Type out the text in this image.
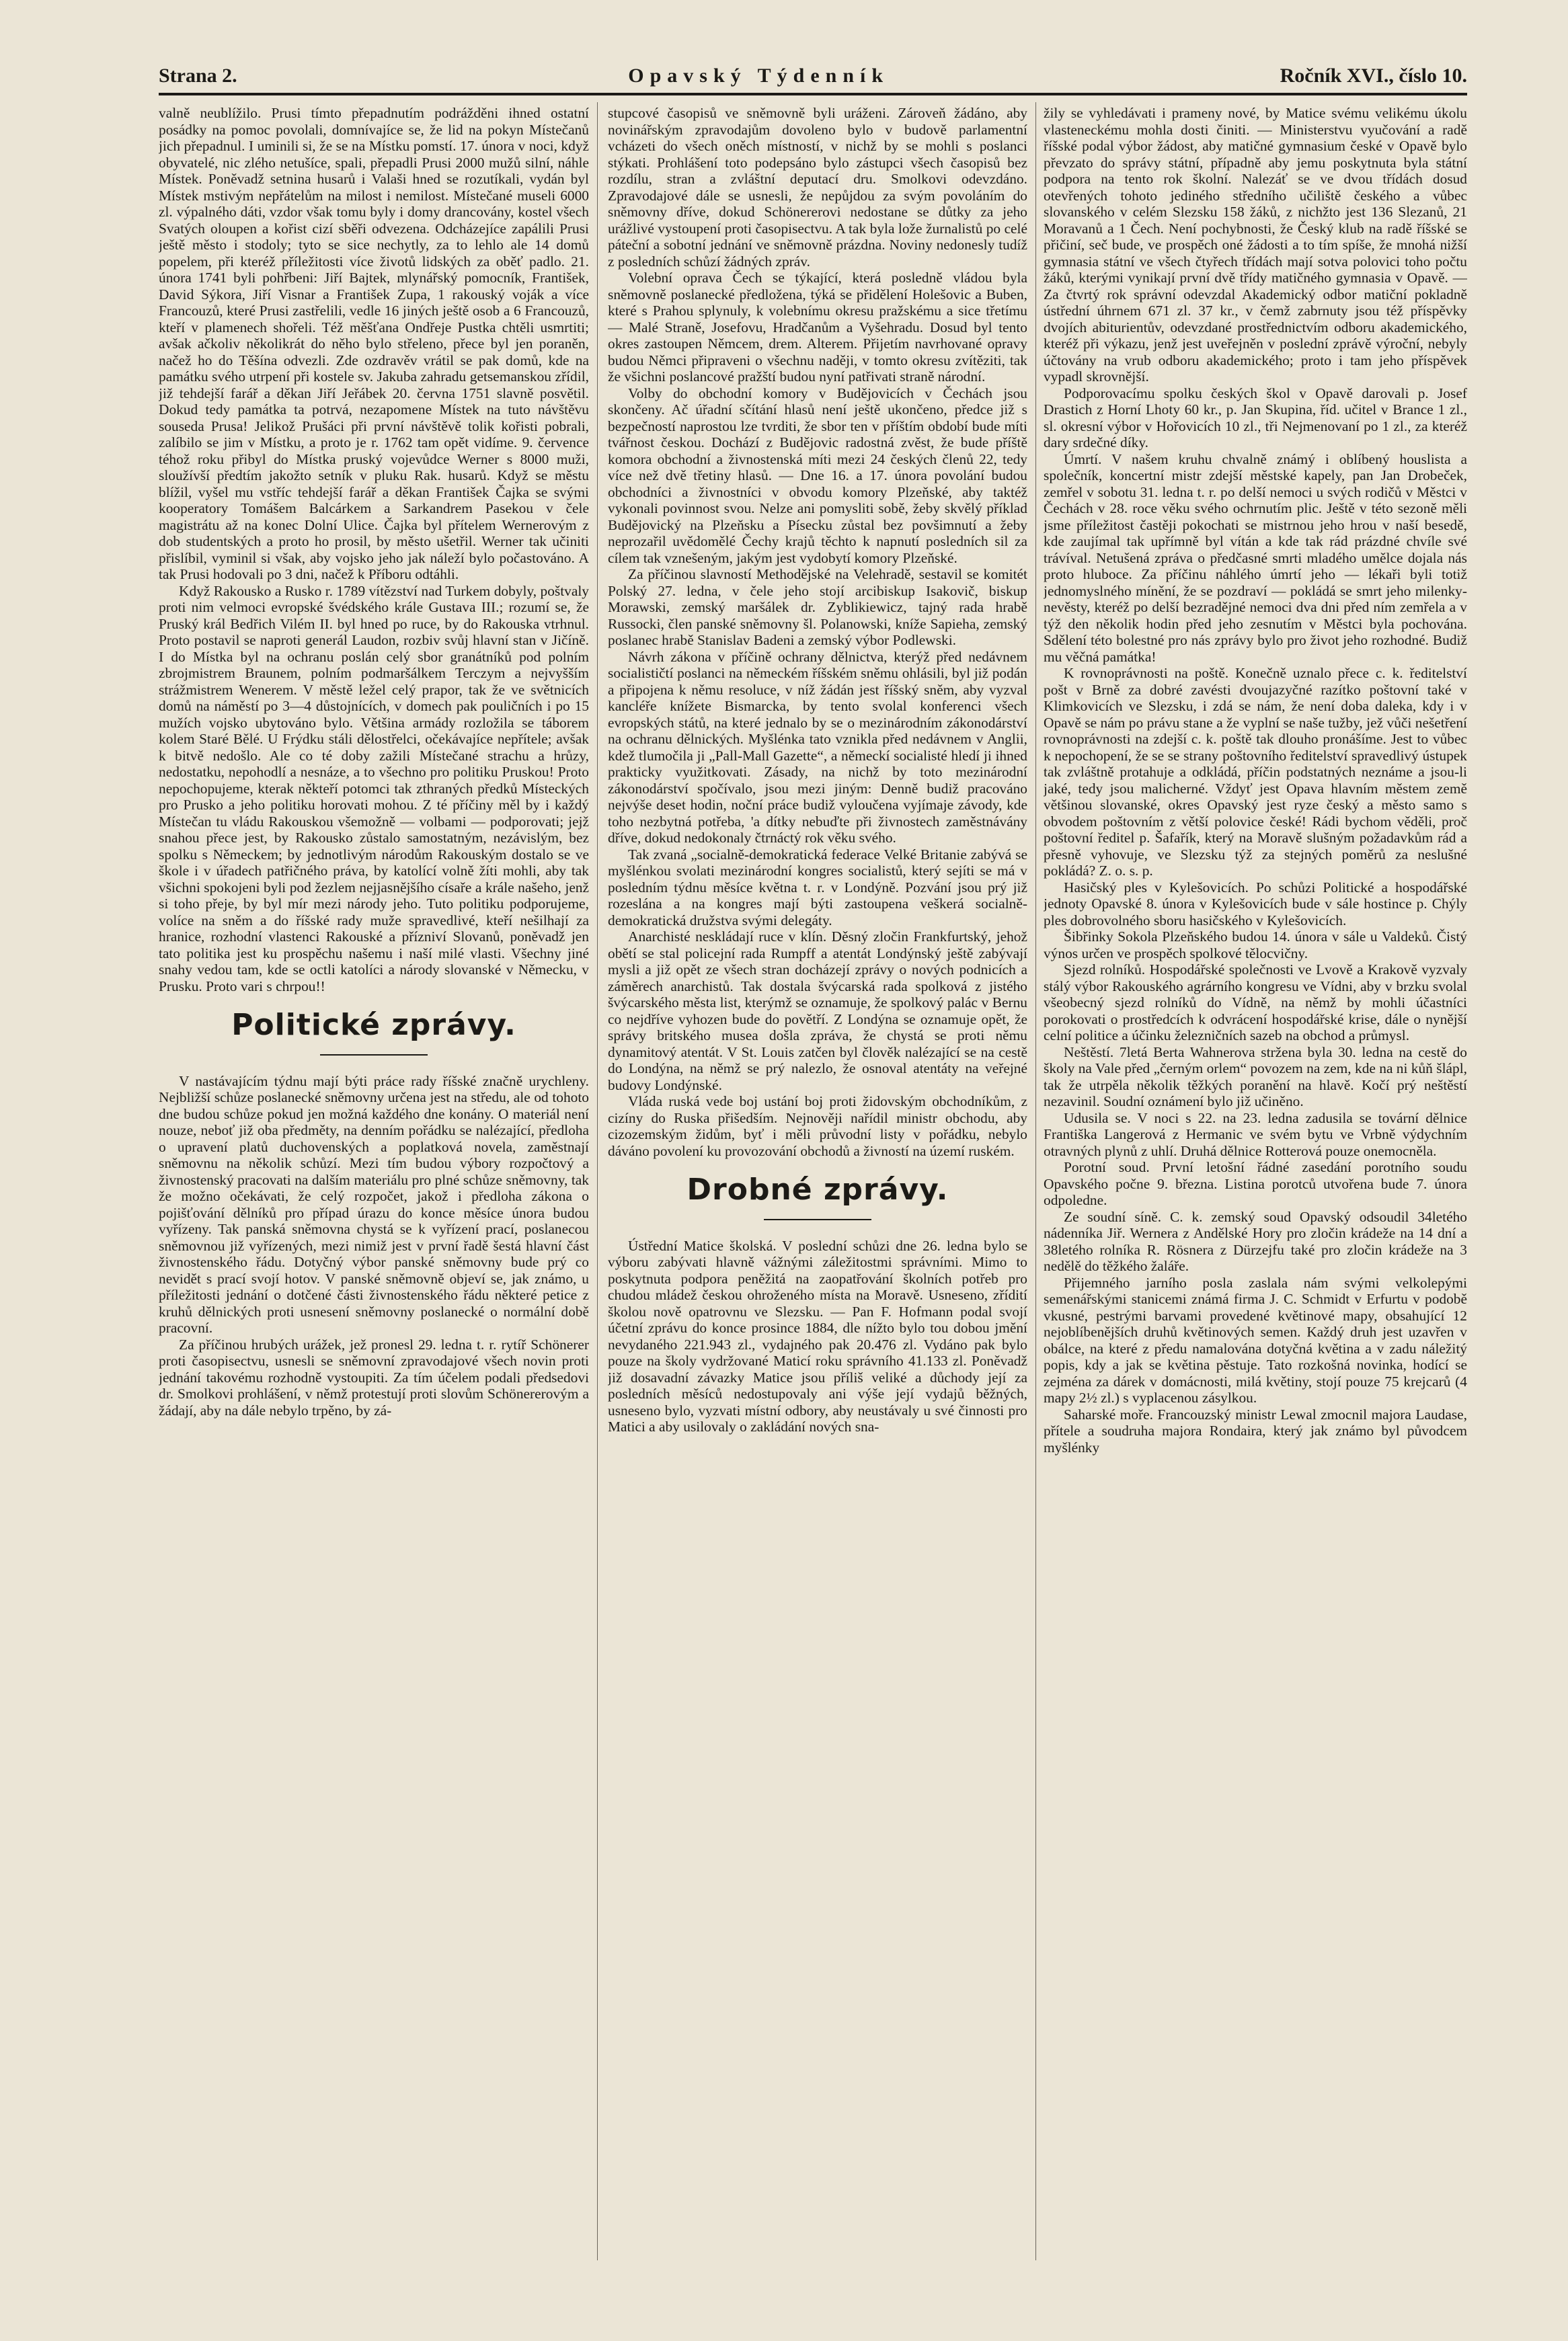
Strana 2.	Opavský Týdenník	Ročník XVI., číslo 10.

valně neublížilo. Prusi tímto přepadnutím podrážděni ihned ostatní posádky na pomoc povolali, domnívajíce se, že lid na pokyn Místečanů jich přepadnul. I uminili si, že se na Místku pomstí. 17. února v noci, když obyvatelé, nic zlého netušíce, spali, přepadli Prusi 2000 mužů silní, náhle Místek. Poněvadž setnina husarů i Valaši hned se rozutíkali, vydán byl Místek mstivým nepřátelům na milost i nemilost. Místečané museli 6000 zl. výpalného dáti, vzdor však tomu byly i domy drancovány, kostel všech Svatých oloupen a kořist cizí sběři odvezena. Odcházejíce zapálili Prusi ještě město i stodoly; tyto se sice nechytly, za to lehlo ale 14 domů popelem, při kteréž příležitosti více životů lidských za oběť padlo. 21. února 1741 byli pohřbeni: Jiří Bajtek, mlynářský pomocník, František, David Sýkora, Jiří Visnar a František Zupa, 1 rakouský voják a více Francouzů, které Prusi zastřelili, vedle 16 jiných ještě osob a 6 Francouzů, kteří v plamenech shořeli. Též měšťana Ondřeje Pustka chtěli usmrtiti; avšak ačkoliv několikrát do něho bylo střeleno, přece byl jen poraněn, načež ho do Těšína odvezli. Zde ozdravěv vrátil se pak domů, kde na památku svého utrpení při kostele sv. Jakuba zahradu getsemanskou zřídil, již tehdejší farář a děkan Jiří Jeřábek 20. června 1751 slavně posvětil. Dokud tedy památka ta potrvá, nezapomene Místek na tuto návštěvu souseda Prusa! Jelikož Prušáci při první návštěvě tolik kořisti pobrali, zalíbilo se jim v Místku, a proto je r. 1762 tam opět vidíme. 9. července téhož roku přibyl do Místka pruský vojevůdce Werner s 8000 muži, sloužívší předtím jakožto setník v pluku Rak. husarů. Když se městu blížil, vyšel mu vstříc tehdejší farář a děkan František Čajka se svými kooperatory Tomášem Balcárkem a Sarkandrem Pasekou v čele magistrátu až na konec Dolní Ulice. Čajka byl přítelem Wernerovým z dob studentských a proto ho prosil, by město ušetřil. Werner tak učiniti přislíbil, vyminil si však, aby vojsko jeho jak náleží bylo počastováno. A tak Prusi hodovali po 3 dni, načež k Příboru odtáhli.

Když Rakousko a Rusko r. 1789 vítězství nad Turkem dobyly, poštvaly proti nim velmoci evropské švédského krále Gustava III.; rozumí se, že Pruský král Bedřich Vilém II. byl hned po ruce, by do Rakouska vtrhnul. Proto postavil se naproti generál Laudon, rozbiv svůj hlavní stan v Jičíně. I do Místka byl na ochranu poslán celý sbor granátníků pod polním zbrojmistrem Braunem, polním podmaršálkem Terczym a nejvyšším strážmistrem Wenerem. V městě ležel celý prapor, tak že ve světnicích domů na náměstí po 3—4 důstojnících, v domech pak pouličních i po 15 mužích vojsko ubytováno bylo. Většina armády rozložila se táborem kolem Staré Bělé. U Frýdku stáli dělostřelci, očekávajíce nepřítele; avšak k bitvě nedošlo. Ale co té doby zažili Místečané strachu a hrůzy, nedostatku, nepohodlí a nesnáze, a to všechno pro politiku Pruskou! Proto nepochopujeme, kterak někteří potomci tak zthraných předků Místeckých pro Prusko a jeho politiku horovati mohou. Z té příčiny měl by i každý Místečan tu vládu Rakouskou všemožně — volbami — podporovati; jejž snahou přece jest, by Rakousko zůstalo samostatným, nezávislým, bez spolku s Německem; by jednotlivým národům Rakouským dostalo se ve škole i v úřadech patřičného práva, by katolící volně žíti mohli, aby tak všichni spokojeni byli pod žezlem nejjasnějšího císaře a krále našeho, jenž si toho přeje, by byl mír mezi národy jeho. Tuto politiku podporujeme, volíce na sněm a do říšské rady muže spravedlivé, kteří nešilhají za hranice, rozhodní vlastenci Rakouské a přízniví Slovanů, poněvadž jen tato politika jest ku prospěchu našemu i naší milé vlasti. Všechny jiné snahy vedou tam, kde se octli katolíci a národy slovanské v Německu, v Prusku. Proto vari s chrpou!!

Politické zprávy.

V nastávajícím týdnu mají býti práce rady říšské značně urychleny. Nejbližší schůze poslanecké sněmovny určena jest na středu, ale od tohoto dne budou schůze pokud jen možná každého dne konány. O materiál není nouze, neboť již oba předměty, na denním pořádku se nalézající, předloha o upravení platů duchovenských a poplatková novela, zaměstnají sněmovnu na několik schůzí. Mezi tím budou výbory rozpočtový a živnostenský pracovati na dalším materiálu pro plné schůze sněmovny, tak že možno očekávati, že celý rozpočet, jakož i předloha zákona o pojišťování dělníků pro případ úrazu do konce měsíce února budou vyřízeny. Tak panská sněmovna chystá se k vyřízení prací, poslanecou sněmovnou již vyřízených, mezi nimiž jest v první řadě šestá hlavní část živnostenského řádu. Dotyčný výbor panské sněmovny bude prý co nevidět s prací svojí hotov. V panské sněmovně objeví se, jak známo, u příležitosti jednání o dotčené části živnostenského řádu některé petice z kruhů dělnických proti usnesení sněmovny poslanecké o normální době pracovní.

Za příčinou hrubých urážek, jež pronesl 29. ledna t. r. rytíř Schönerer proti časopisectvu, usnesli se sněmovní zpravodajové všech novin proti jednání takovému rozhodně vystoupiti. Za tím účelem podali předsedovi dr. Smolkovi prohlášení, v němž protestují proti slovům Schönererovým a žádají, aby na dále nebylo trpěno, by zá-

stupcové časopisů ve sněmovně byli uráženi. Zároveň žádáno, aby novinářským zpravodajům dovoleno bylo v budově parlamentní vcházeti do všech oněch místností, v nichž by se mohli s poslanci stýkati. Prohlášení toto podepsáno bylo zástupci všech časopisů bez rozdílu, stran a zvláštní deputací dru. Smolkovi odevzdáno. Zpravodajové dále se usnesli, že nepůjdou za svým povoláním do sněmovny dříve, dokud Schönererovi nedostane se důtky za jeho urážlivé vystoupení proti časopisectvu. A tak byla lože žurnalistů po celé páteční a sobotní jednání ve sněmovně prázdna. Noviny nedonesly tudíž z posledních schůzí žádných zpráv.

Volební oprava Čech se týkající, která posledně vládou byla sněmovně poslanecké předložena, týká se přidělení Holešovic a Buben, které s Prahou splynuly, k volebnímu okresu pražskému a sice třetímu — Malé Straně, Josefovu, Hradčanům a Vyšehradu. Dosud byl tento okres zastoupen Němcem, drem. Alterem. Přijetím navrhované opravy budou Němci připraveni o všechnu naději, v tomto okresu zvítěziti, tak že všichni poslancové pražští budou nyní patřivati straně národní.

Volby do obchodní komory v Budějovicích v Čechách jsou skončeny. Ač úřadní sčítání hlasů není ještě ukončeno, předce již s bezpečností naprostou lze tvrditi, že sbor ten v příštím období bude míti tvářnost českou. Dochází z Budějovic radostná zvěst, že bude příště komora obchodní a živnostenská míti mezi 24 českých členů 22, tedy více než dvě třetiny hlasů. — Dne 16. a 17. února povolání budou obchodníci a živnostníci v obvodu komory Plzeňské, aby taktéž vykonali povinnost svou. Nelze ani pomysliti sobě, žeby skvělý příklad Budějovický na Plzeňsku a Písecku zůstal bez povšimnutí a žeby neprozařil uvědomělé Čechy krajů těchto k napnutí posledních sil za cílem tak vznešeným, jakým jest vydobytí komory Plzeňské.

Za příčinou slavností Methodějské na Velehradě, sestavil se komitét Polský 27. ledna, v čele jeho stojí arcibiskup Isakovič, biskup Morawski, zemský maršálek dr. Zyblikiewicz, tajný rada hrabě Russocki, člen panské sněmovny šl. Polanowski, kníže Sapieha, zemský poslanec hrabě Stanislav Badeni a zemský výbor Podlewski.

Návrh zákona v příčině ochrany dělnictva, kterýž před nedávnem socialističtí poslanci na německém říšském sněmu ohlásili, byl již podán a připojena k němu resoluce, v níž žádán jest říšský sněm, aby vyzval kancléře knížete Bismarcka, by tento svolal konferenci všech evropských států, na které jednalo by se o mezinárodním zákonodárství na ochranu dělnických. Myšlénka tato vznikla před nedávnem v Anglii, kdež tlumočila ji „Pall-Mall Gazette“, a německí socialisté hledí ji ihned prakticky využitkovati. Zásady, na nichž by toto mezinárodní zákonodárství spočívalo, jsou mezi jiným: Denně budiž pracováno nejvýše deset hodin, noční práce budiž vyloučena vyjímaje závody, kde toho nezbytná potřeba, 'a dítky nebuďte při živnostech zaměstnávány dříve, dokud nedokonaly čtrnáctý rok věku svého.

Tak zvaná „socialně-demokratická federace Velké Britanie zabývá se myšlénkou svolati mezinárodní kongres socialistů, který sejíti se má v posledním týdnu měsíce května t. r. v Londýně. Pozvání jsou prý již rozeslána a na kongres mají býti zastoupena veškerá socialně-demokratická družstva svými delegáty.

Anarchisté neskládají ruce v klín. Děsný zločin Frankfurtský, jehož obětí se stal policejní rada Rumpff a atentát Londýnský ještě zabývají mysli a již opět ze všech stran docházejí zprávy o nových podnicích a záměrech anarchistů. Tak dostala švýcarská rada spolková z jistého švýcarského města list, kterýmž se oznamuje, že spolkový palác v Bernu co nejdříve vyhozen bude do povětří. Z Londýna se oznamuje opět, že správy britského musea došla zpráva, že chystá se proti němu dynamitový atentát. V St. Louis zatčen byl člověk nalézající se na cestě do Londýna, na němž se prý nalezlo, že osnoval atentáty na veřejné budovy Londýnské.

Vláda ruská vede boj ustání boj proti židovským obchodníkům, z cizíny do Ruska přišedším. Nejnověji nařídil ministr obchodu, aby cizozemským židům, byť i měli průvodní listy v pořádku, nebylo dáváno povolení ku provozování obchodů a živností na území ruském.

Drobné zprávy.

Ústřední Matice školská. V poslední schůzi dne 26. ledna bylo se výboru zabývati hlavně vážnými záležitostmi správními. Mimo to poskytnuta podpora peněžitá na zaopatřování školních potřeb pro chudou mládež českou ohroženého místa na Moravě. Usneseno, zřídití školou nově opatrovnu ve Slezsku. — Pan F. Hofmann podal svojí účetní zprávu do konce prosince 1884, dle nížto bylo tou dobou jmění nevydaného 221.943 zl., vydajného pak 20.476 zl. Vydáno pak bylo pouze na školy vydržované Maticí roku správního 41.133 zl. Poněvadž již dosavadní závazky Matice jsou příliš veliké a důchody její za posledních měsíců nedostupovaly ani výše její vydajů běžných, usneseno bylo, vyzvati místní odbory, aby neustávaly u své činnosti pro Matici a aby usilovaly o zakládání nových sna-

žily se vyhledávati i prameny nové, by Matice svému velikému úkolu vlasteneckému mohla dosti činiti. — Ministerstvu vyučování a radě říšské podal výbor žádost, aby matičné gymnasium české v Opavě bylo převzato do správy státní, případně aby jemu poskytnuta byla státní podpora na tento rok školní. Nalezáť se ve dvou třídách dosud otevřených tohoto jediného středního učiliště českého a vůbec slovanského v celém Slezsku 158 žáků, z nichžto jest 136 Slezanů, 21 Moravanů a 1 Čech. Není pochybnosti, že Český klub na radě říšské se přičiní, seč bude, ve prospěch oné žádosti a to tím spíše, že mnohá nižší gymnasia státní ve všech čtyřech třídách mají sotva polovici toho počtu žáků, kterými vynikají první dvě třídy matičného gymnasia v Opavě. — Za čtvrtý rok správní odevzdal Akademický odbor matiční pokladně ústřední úhrnem 671 zl. 37 kr., v čemž zabrnuty jsou též příspěvky dvojích abiturientův, odevzdané prostřednictvím odboru akademického, kteréž při výkazu, jenž jest uveřejněn v poslední zprávě výroční, nebyly účtovány na vrub odboru akademického; proto i tam jeho příspěvek vypadl skrovnější.

Podporovacímu spolku českých škol v Opavě darovali p. Josef Drastich z Horní Lhoty 60 kr., p. Jan Skupina, říd. učitel v Brance 1 zl., sl. okresní výbor v Hořovicích 10 zl., tři Nejmenovaní po 1 zl., za kteréž dary srdečné díky.

Úmrtí. V našem kruhu chvalně známý i oblíbený houslista a společník, koncertní mistr zdejší městské kapely, pan Jan Drobeček, zemřel v sobotu 31. ledna t. r. po delší nemoci u svých rodičů v Městci v Čechách v 28. roce věku svého ochrnutím plic. Ještě v této sezoně měli jsme příležitost častěji pokochati se mistrnou jeho hrou v naší besedě, kde zaujímal tak upřímně byl vítán a kde tak rád prázdné chvíle své trávíval. Netušená zpráva o předčasné smrti mladého umělce dojala nás proto hluboce. Za příčinu náhlého úmrtí jeho — lékaři byli totiž jednomyslného mínění, že se pozdraví — pokládá se smrt jeho milenky-nevěsty, kteréž po delší bezradějné nemoci dva dni před ním zemřela a v týž den několik hodin před jeho zesnutím v Městci byla pochována. Sdělení této bolestné pro nás zprávy bylo pro život jeho rozhodné. Budiž mu věčná památka!

K rovnoprávnosti na poště. Konečně uznalo přece c. k. ředitelství pošt v Brně za dobré zavésti dvoujazyčné razítko poštovní také v Klimkovicích ve Slezsku, i zdá se nám, že není doba daleka, kdy i v Opavě se nám po právu stane a že vyplní se naše tužby, jež vůči nešetření rovnoprávnosti na zdejší c. k. poště tak dlouho pronášíme. Jest to vůbec k nepochopení, že se se strany poštovního ředitelství spravedlivý ústupek tak zvláštně protahuje a odkládá, příčin podstatných neznáme a jsou-li jaké, tedy jsou malicherné. Vždyť jest Opava hlavním městem země většinou slovanské, okres Opavský jest ryze český a město samo s obvodem poštovním z větší polovice české! Rádi bychom věděli, proč poštovní ředitel p. Šafařík, který na Moravě slušným požadavkům rád a přesně vyhovuje, ve Slezsku týž za stejných poměrů za neslušné pokládá? Z. o. s. p.

Hasičský ples v Kylešovicích. Po schůzi Politické a hospodářské jednoty Opavské 8. února v Kylešovicích bude v sále hostince p. Chýly ples dobrovolného sboru hasičského v Kylešovicích.

Šibřinky Sokola Plzeňského budou 14. února v sále u Valdeků. Čistý výnos určen ve prospěch spolkové tělocvičny.

Sjezd rolníků. Hospodářské společnosti ve Lvově a Krakově vyzvaly stálý výbor Rakouského agrárního kongresu ve Vídni, aby v brzku svolal všeobecný sjezd rolníků do Vídně, na němž by mohli účastníci porokovati o prostředcích k odvrácení hospodářské krise, dále o nynější celní politice a účinku železničních sazeb na obchod a průmysl.

Neštěstí. 7letá Berta Wahnerova stržena byla 30. ledna na cestě do školy na Vale před „černým orlem“ povozem na zem, kde na ni kůň šlápl, tak že utrpěla několik těžkých poranění na hlavě. Kočí prý neštěstí nezavinil. Soudní oznámení bylo již učiněno.

Udusila se. V noci s 22. na 23. ledna zadusila se tovární dělnice Františka Langerová z Hermanic ve svém bytu ve Vrbně výdychním otravných plynů z uhlí. Druhá dělnice Rotterová pouze onemocněla.

Porotní soud. První letošní řádné zasedání porotního soudu Opavského počne 9. března. Listina porotců utvořena bude 7. února odpoledne.

Ze soudní síně. C. k. zemský soud Opavský odsoudil 34letého nádenníka Jiř. Wernera z Andělské Hory pro zločin krádeže na 14 dní a 38letého rolníka R. Rösnera z Dürzejfu také pro zločin krádeže na 3 nedělě do těžkého žaláře.

Přijemného jarního posla zaslala nám svými velkolepými semenářskými stanicemi známá firma J. C. Schmidt v Erfurtu v podobě vkusné, pestrými barvami provedené květinové mapy, obsahující 12 nejoblíbenějších druhů květinových semen. Každý druh jest uzavřen v obálce, na které z předu namalována dotyčná květina a v zadu náležitý popis, kdy a jak se květina pěstuje. Tato rozkošná novinka, hodící se zejména za dárek v domácnosti, milá květiny, stojí pouze 75 krejcarů (4 mapy 2½ zl.) s vyplacenou zásylkou.

Saharské moře. Francouzský ministr Lewal zmocnil majora Laudase, přítele a soudruha majora Rondaira, který jak známo byl původcem myšlénky
